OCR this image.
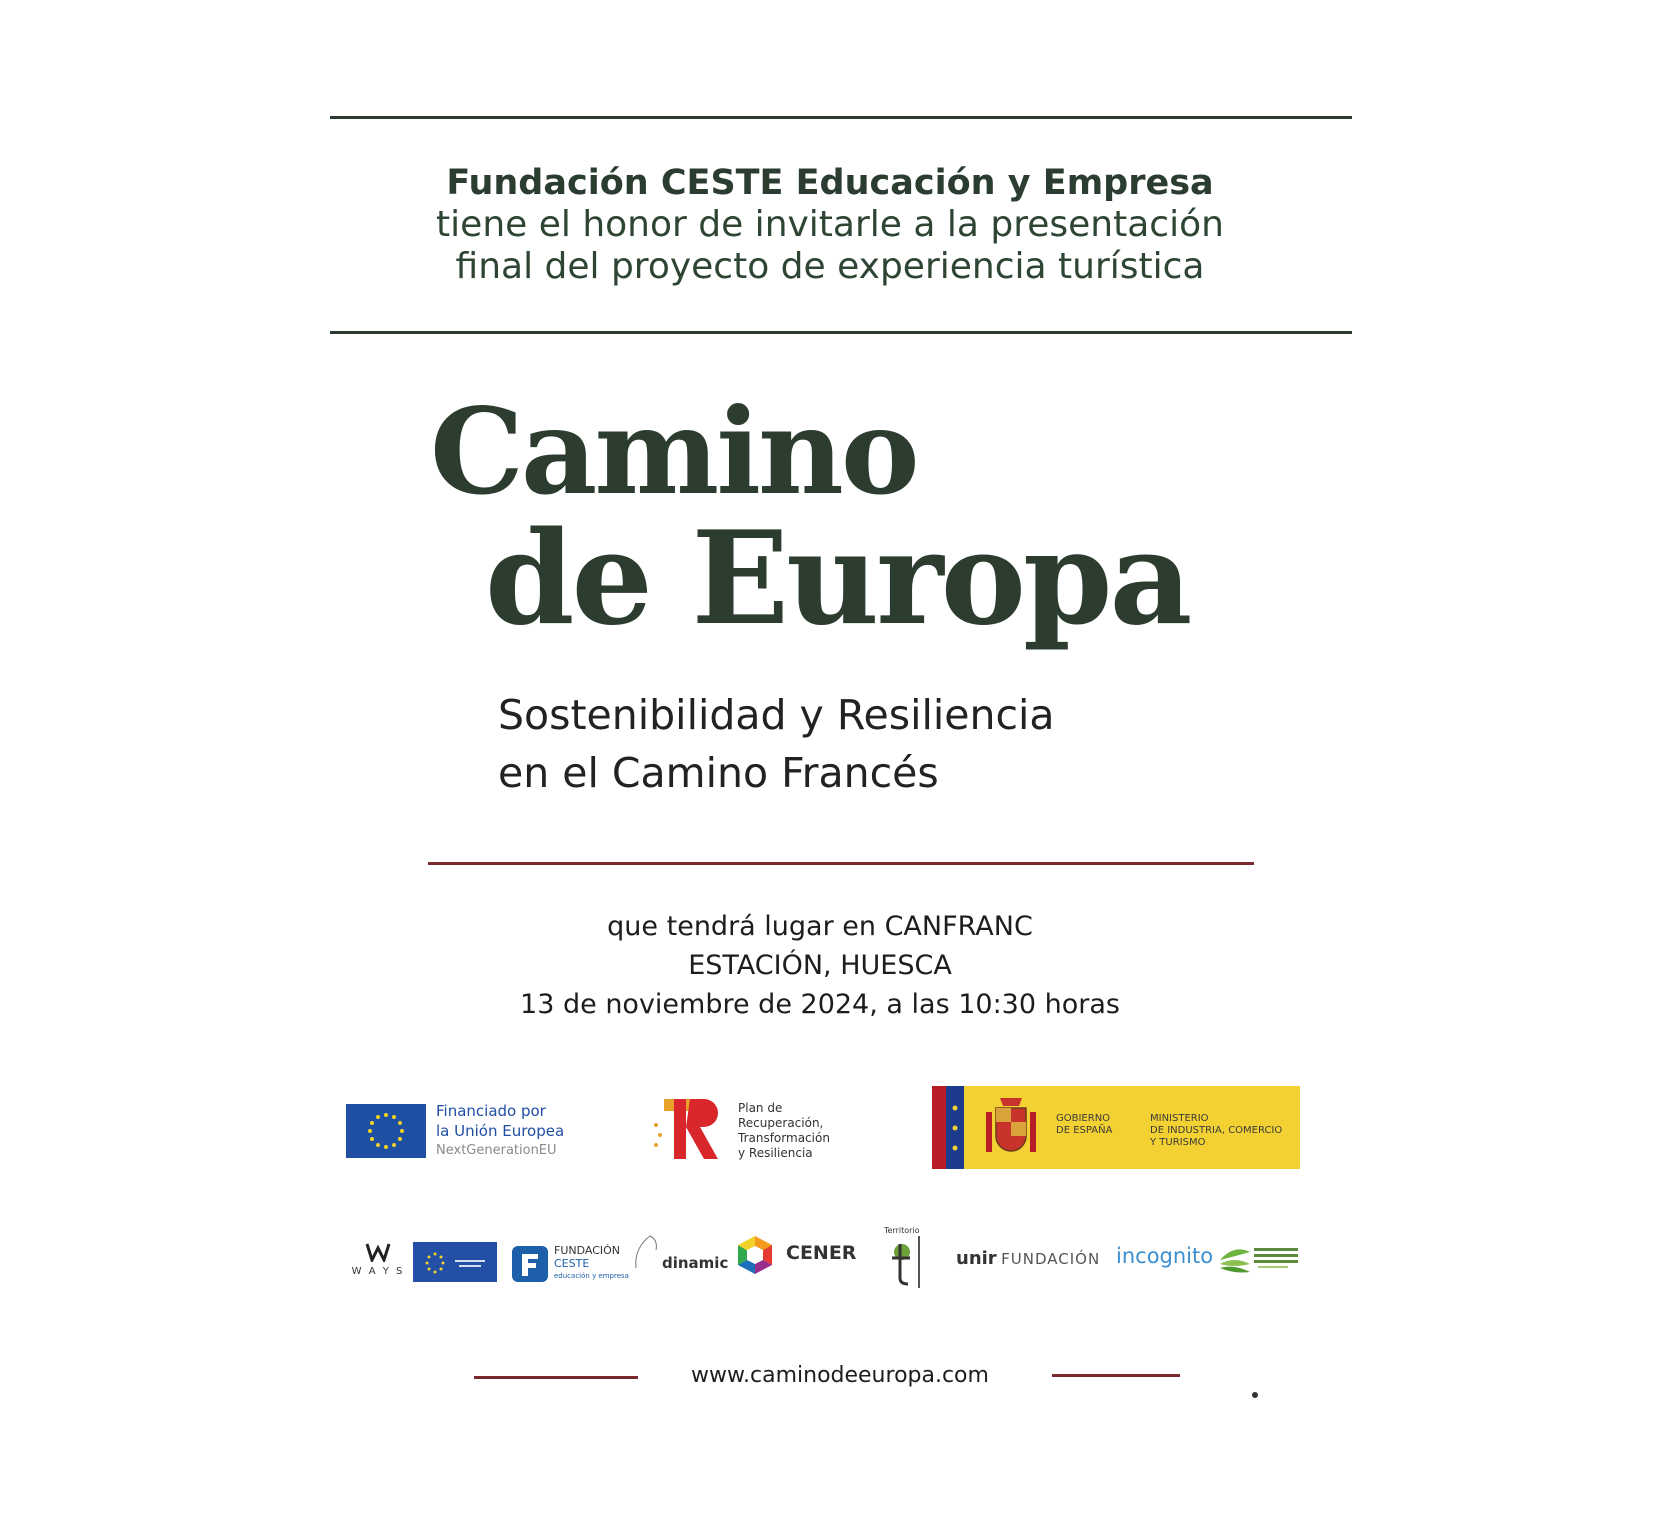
Fundación CESTE Educación y Empresa
tiene el honor de invitarle a la presentación
final del proyecto de experiencia turística
Camino
de Europa
Sostenibilidad y Resiliencia
en el Camino Francés
que tendrá lugar en CANFRANC
ESTACIÓN, HUESCA
13 de noviembre de 2024, a las 10:30 horas
Financiado por
la Unión Europea
NextGenerationEU
Plan de
Recuperación,
Transformación
y Resiliencia
GOBIERNO
DE ESPAÑA
MINISTERIO
DE INDUSTRIA, COMERCIO
Y TURISMO
W A Y S
FUNDACIÓN
CESTE
educación y empresa
dinamic	CENER
Territorio
unir FUNDACIÓN incognito
www.caminodeeuropa.com
